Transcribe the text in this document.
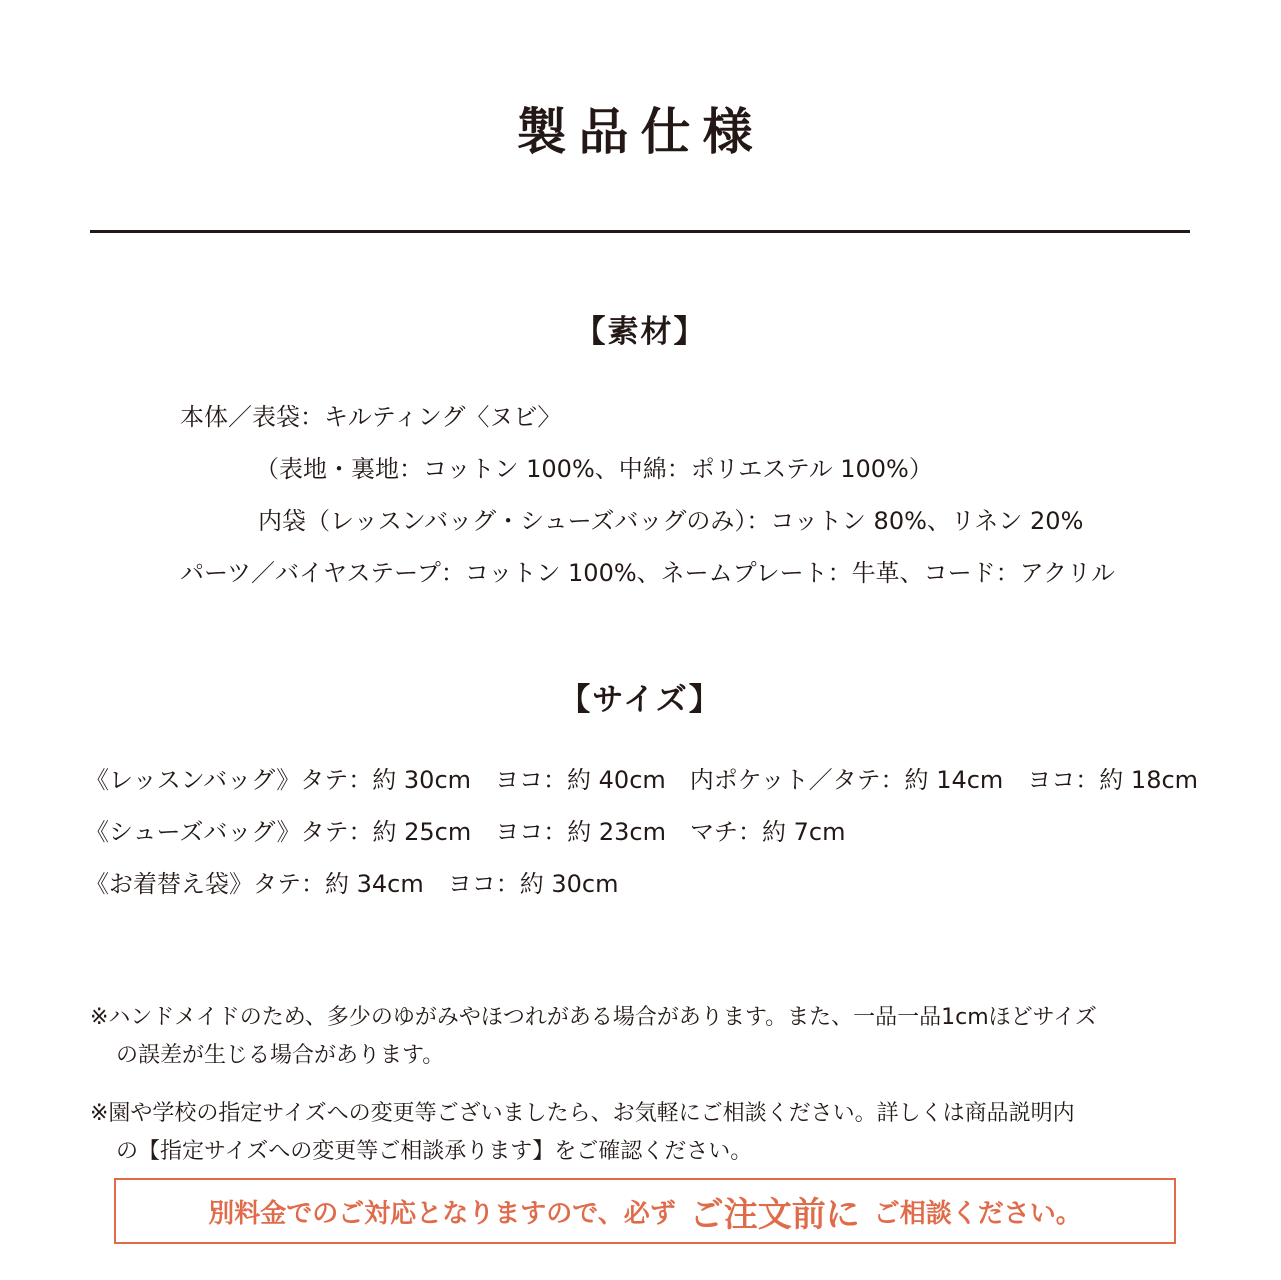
製品仕様
【素材】
本体／表袋：キルティング〈ヌビ〉
（表地・裏地：コットン 100%、中綿：ポリエステル 100%）
内袋（レッスンバッグ・シューズバッグのみ）：コットン 80%、リネン 20%
パーツ／バイヤステープ：コットン 100%、ネームプレート：牛革、コード：アクリル
【サイズ】
《レッスンバッグ》タテ：約 30cm　ヨコ：約 40cm　内ポケット／タテ：約 14cm　ヨコ：約 18cm
《シューズバッグ》タテ：約 25cm　ヨコ：約 23cm　マチ：約 7cm
《お着替え袋》タテ：約 34cm　ヨコ：約 30cm
※ハンドメイドのため、多少のゆがみやほつれがある場合があります。また、一品一品1cmほどサイズ
の誤差が生じる場合があります。
※園や学校の指定サイズへの変更等ございましたら、お気軽にご相談ください。詳しくは商品説明内
の【指定サイズへの変更等ご相談承ります】をご確認ください。
別料金でのご対応となりますので、必ず ご注文前に ご相談ください。
